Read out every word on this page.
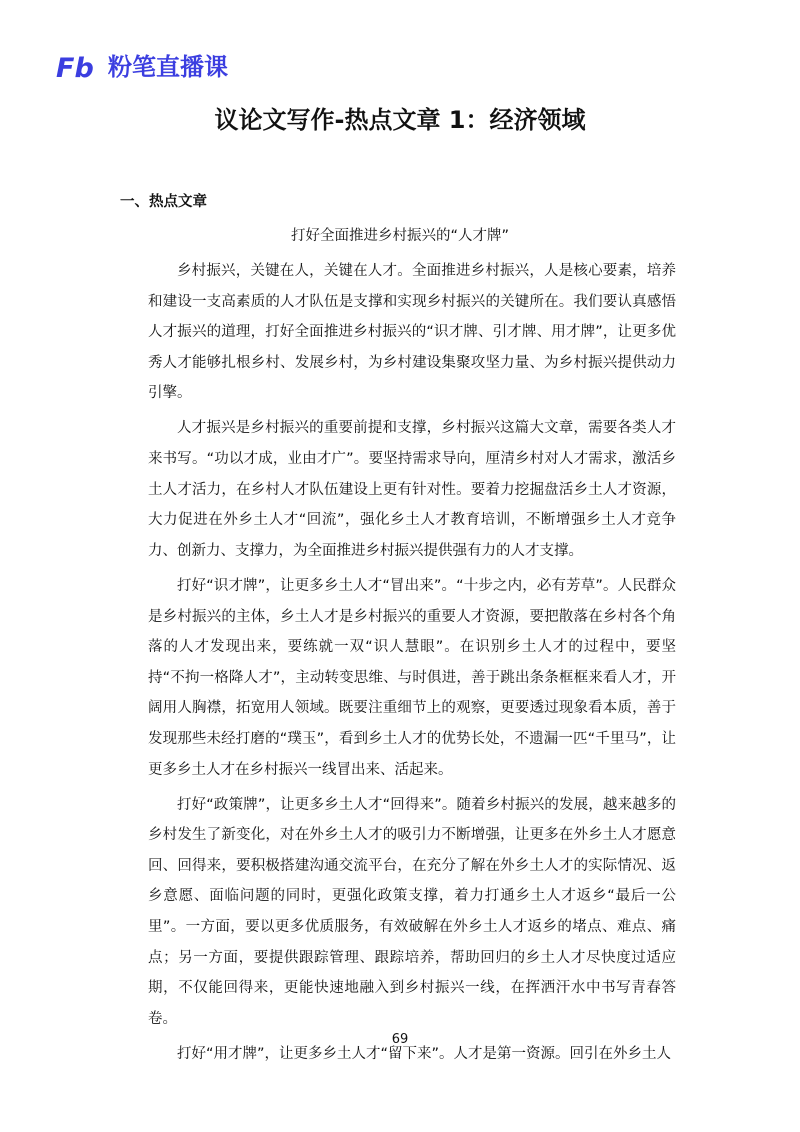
Fb 粉笔直播课
议论文写作-热点文章 1：经济领域
一、热点文章
打好全面推进乡村振兴的“人才牌”

乡村振兴，关键在人，关键在人才。全面推进乡村振兴，人是核心要素，培养和建设一支高素质的人才队伍是支撑和实现乡村振兴的关键所在。我们要认真感悟人才振兴的道理，打好全面推进乡村振兴的“识才牌、引才牌、用才牌”，让更多优秀人才能够扎根乡村、发展乡村，为乡村建设集聚攻坚力量、为乡村振兴提供动力引擎。

人才振兴是乡村振兴的重要前提和支撑，乡村振兴这篇大文章，需要各类人才来书写。“功以才成，业由才广”。要坚持需求导向，厘清乡村对人才需求，激活乡土人才活力，在乡村人才队伍建设上更有针对性。要着力挖掘盘活乡土人才资源，大力促进在外乡土人才“回流”，强化乡土人才教育培训，不断增强乡土人才竞争力、创新力、支撑力，为全面推进乡村振兴提供强有力的人才支撑。

打好“识才牌”，让更多乡土人才“冒出来”。“十步之内，必有芳草”。人民群众是乡村振兴的主体，乡土人才是乡村振兴的重要人才资源，要把散落在乡村各个角落的人才发现出来，要练就一双“识人慧眼”。在识别乡土人才的过程中，要坚持“不拘一格降人才”，主动转变思维、与时俱进，善于跳出条条框框来看人才，开阔用人胸襟，拓宽用人领域。既要注重细节上的观察，更要透过现象看本质，善于发现那些未经打磨的“璞玉”，看到乡土人才的优势长处，不遗漏一匹“千里马”，让更多乡土人才在乡村振兴一线冒出来、活起来。

打好“政策牌”，让更多乡土人才“回得来”。随着乡村振兴的发展，越来越多的乡村发生了新变化，对在外乡土人才的吸引力不断增强，让更多在外乡土人才愿意回、回得来，要积极搭建沟通交流平台，在充分了解在外乡土人才的实际情况、返乡意愿、面临问题的同时，更强化政策支撑，着力打通乡土人才返乡“最后一公里”。一方面，要以更多优质服务，有效破解在外乡土人才返乡的堵点、难点、痛点；另一方面，要提供跟踪管理、跟踪培养，帮助回归的乡土人才尽快度过适应期，不仅能回得来，更能快速地融入到乡村振兴一线，在挥洒汗水中书写青春答卷。

打好“用才牌”，让更多乡土人才“留下来”。人才是第一资源。回引在外乡土人

69
